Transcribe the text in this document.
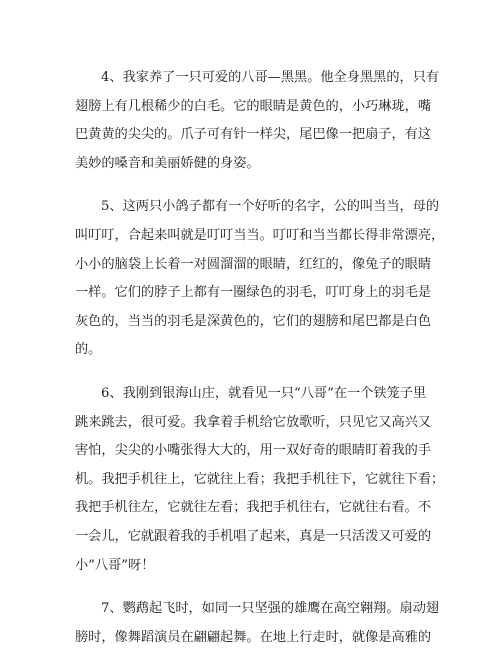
4、我家养了一只可爱的八哥—黑黑。他全身黑黑的，只有
翅膀上有几根稀少的白毛。它的眼睛是黄色的，小巧琳珑，嘴
巴黄黄的尖尖的。爪子可有针一样尖，尾巴像一把扇子，有这
美妙的嗓音和美丽娇健的身姿。

5、这两只小鸽子都有一个好听的名字，公的叫当当，母的
叫叮叮，合起来叫就是叮叮当当。叮叮和当当都长得非常漂亮，
小小的脑袋上长着一对圆溜溜的眼睛，红红的，像兔子的眼睛
一样。它们的脖子上都有一圈绿色的羽毛，叮叮身上的羽毛是
灰色的，当当的羽毛是深黄色的，它们的翅膀和尾巴都是白色
的。

6、我刚到银海山庄，就看见一只“八哥”在一个铁笼子里
跳来跳去，很可爱。我拿着手机给它放歌听，只见它又高兴又
害怕，尖尖的小嘴张得大大的，用一双好奇的眼睛盯着我的手
机。我把手机往上，它就往上看；我把手机往下，它就往下看；
我把手机往左，它就往左看；我把手机往右，它就往右看。不
一会儿，它就跟着我的手机唱了起来，真是一只活泼又可爱的
小“八哥”呀！

7、鹦鹉起飞时，如同一只坚强的雄鹰在高空翱翔。扇动翅
膀时，像舞蹈演员在翩翩起舞。在地上行走时，就像是高雅的
